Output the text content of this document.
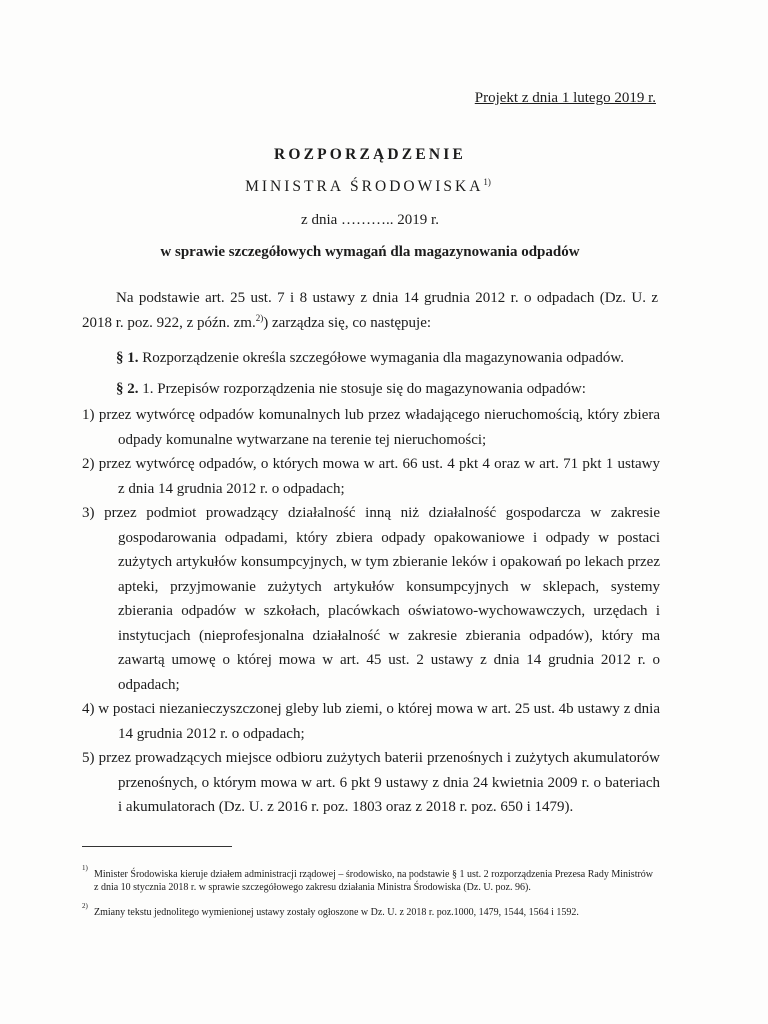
Projekt z dnia 1 lutego 2019 r.
ROZPORZĄDZENIE
MINISTRA ŚRODOWISKA$^{1)}$
z dnia ……….. 2019 r.
w sprawie szczegółowych wymagań dla magazynowania odpadów
Na podstawie art. 25 ust. 7 i 8 ustawy z dnia 14 grudnia 2012 r. o odpadach (Dz. U. z 2018 r. poz. 922, z późn. zm.$^{2)}$) zarządza się, co następuje:
§ 1. Rozporządzenie określa szczegółowe wymagania dla magazynowania odpadów.
§ 2. 1. Przepisów rozporządzenia nie stosuje się do magazynowania odpadów:
1) przez wytwórcę odpadów komunalnych lub przez władającego nieruchomością, który zbiera odpady komunalne wytwarzane na terenie tej nieruchomości;
2) przez wytwórcę odpadów, o których mowa w art. 66 ust. 4 pkt 4 oraz w art. 71 pkt 1 ustawy z dnia 14 grudnia 2012 r. o odpadach;
3) przez podmiot prowadzący działalność inną niż działalność gospodarcza w zakresie gospodarowania odpadami, który zbiera odpady opakowaniowe i odpady w postaci zużytych artykułów konsumpcyjnych, w tym zbieranie leków i opakowań po lekach przez apteki, przyjmowanie zużytych artykułów konsumpcyjnych w sklepach, systemy zbierania odpadów w szkołach, placówkach oświatowo-wychowawczych, urzędach i instytucjach (nieprofesjonalna działalność w zakresie zbierania odpadów), który ma zawartą umowę o której mowa w art. 45 ust. 2 ustawy z dnia 14 grudnia 2012 r. o odpadach;
4) w postaci niezanieczyszczonej gleby lub ziemi, o której mowa w art. 25 ust. 4b ustawy z dnia 14 grudnia 2012 r. o odpadach;
5) przez prowadzących miejsce odbioru zużytych baterii przenośnych i zużytych akumulatorów przenośnych, o którym mowa w art. 6 pkt 9 ustawy z dnia 24 kwietnia 2009 r. o bateriach i akumulatorach (Dz. U. z 2016 r. poz. 1803 oraz z 2018 r. poz. 650 i 1479).
1)
Minister Środowiska kieruje działem administracji rządowej – środowisko, na podstawie § 1 ust. 2 rozporządzenia Prezesa Rady Ministrów z dnia 10 stycznia 2018 r. w sprawie szczegółowego zakresu działania Ministra Środowiska (Dz. U. poz. 96).
2)
Zmiany tekstu jednolitego wymienionej ustawy zostały ogłoszone w Dz. U. z 2018 r. poz.1000, 1479, 1544, 1564 i 1592.
